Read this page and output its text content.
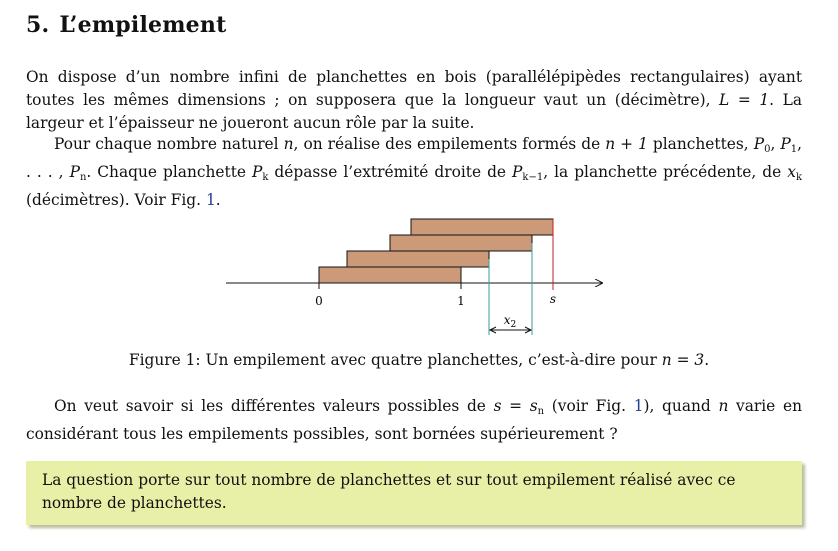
5. L’empilement
On dispose d’un nombre infini de planchettes en bois (parallélépipèdes rectangulaires) ayant toutes les mêmes dimensions ; on supposera que la longueur vaut un (décimètre), L = 1. La largeur et l’épaisseur ne joueront aucun rôle par la suite.
Pour chaque nombre naturel n, on réalise des empilements formés de n + 1 planchettes, $P_0$, $P_1$, . . . , $P_n$. Chaque planchette $P_k$ dépasse l’extrémité droite de $P_{k-1}$, la planchette précédente, de $x_k$ (décimètres). Voir Fig. 1.
0	1	s
$x_2$
Figure 1: Un empilement avec quatre planchettes, c’est-à-dire pour n = 3.
On veut savoir si les différentes valeurs possibles de $s = s_n$ (voir Fig. 1), quand n varie en considérant tous les empilements possibles, sont bornées supérieurement ?
La question porte sur tout nombre de planchettes et sur tout empilement réalisé avec ce nombre de planchettes.
